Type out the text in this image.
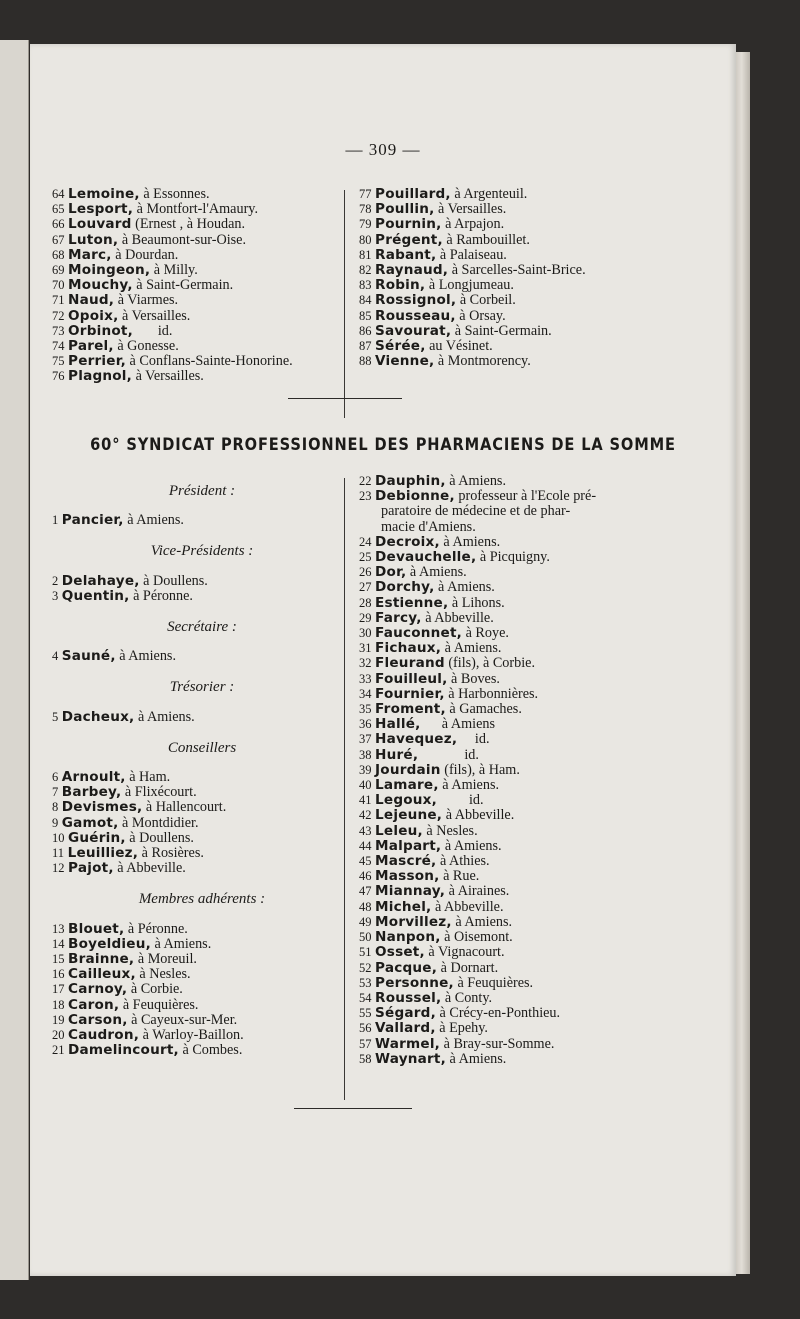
— 309 —
64 Lemoine, à Essonnes.
65 Lesport, à Montfort-l'Amaury.
66 Louvard (Ernest , à Houdan.
67 Luton, à Beaumont-sur-Oise.
68 Marc, à Dourdan.
69 Moingeon, à Milly.
70 Mouchy, à Saint-Germain.
71 Naud, à Viarmes.
72 Opoix, à Versailles.
73 Orbinot,       id.
74 Parel, à Gonesse.
75 Perrier, à Conflans-Sainte-Honorine.
76 Plagnol, à Versailles.
77 Pouillard, à Argenteuil.
78 Poullin, à Versailles.
79 Pournin, à Arpajon.
80 Prégent, à Rambouillet.
81 Rabant, à Palaiseau.
82 Raynaud, à Sarcelles-Saint-Brice.
83 Robin, à Longjumeau.
84 Rossignol, à Corbeil.
85 Rousseau, à Orsay.
86 Savourat, à Saint-Germain.
87 Sérée, au Vésinet.
88 Vienne, à Montmorency.
60° SYNDICAT PROFESSIONNEL DES PHARMACIENS DE LA SOMME
Président :
1 Pancier, à Amiens.
Vice-Présidents :
2 Delahaye, à Doullens.
3 Quentin, à Péronne.
Secrétaire :
4 Sauné, à Amiens.
Trésorier :
5 Dacheux, à Amiens.
Conseillers
6 Arnoult, à Ham.
7 Barbey, à Flixécourt.
8 Devismes, à Hallencourt.
9 Gamot, à Montdidier.
10 Guérin, à Doullens.
11 Leuilliez, à Rosières.
12 Pajot, à Abbeville.
Membres adhérents :
13 Blouet, à Péronne.
14 Boyeldieu, à Amiens.
15 Brainne, à Moreuil.
16 Cailleux, à Nesles.
17 Carnoy, à Corbie.
18 Caron, à Feuquières.
19 Carson, à Cayeux-sur-Mer.
20 Caudron, à Warloy-Baillon.
21 Damelincourt, à Combes.
22 Dauphin, à Amiens.
23 Debionne, professeur à l'Ecole pré-
paratoire de médecine et de phar-
macie d'Amiens.
24 Decroix, à Amiens.
25 Devauchelle, à Picquigny.
26 Dor, à Amiens.
27 Dorchy, à Amiens.
28 Estienne, à Lihons.
29 Farcy, à Abbeville.
30 Fauconnet, à Roye.
31 Fichaux, à Amiens.
32 Fleurand (fils), à Corbie.
33 Fouilleul, à Boves.
34 Fournier, à Harbonnières.
35 Froment, à Gamaches.
36 Hallé,      à Amiens
37 Havequez,     id.
38 Huré,             id.
39 Jourdain (fils), à Ham.
40 Lamare, à Amiens.
41 Legoux,         id.
42 Lejeune, à Abbeville.
43 Leleu, à Nesles.
44 Malpart, à Amiens.
45 Mascré, à Athies.
46 Masson, à Rue.
47 Miannay, à Airaines.
48 Michel, à Abbeville.
49 Morvillez, à Amiens.
50 Nanpon, à Oisemont.
51 Osset, à Vignacourt.
52 Pacque, à Dornart.
53 Personne, à Feuquières.
54 Roussel, à Conty.
55 Ségard, à Crécy-en-Ponthieu.
56 Vallard, à Epehy.
57 Warmel, à Bray-sur-Somme.
58 Waynart, à Amiens.
